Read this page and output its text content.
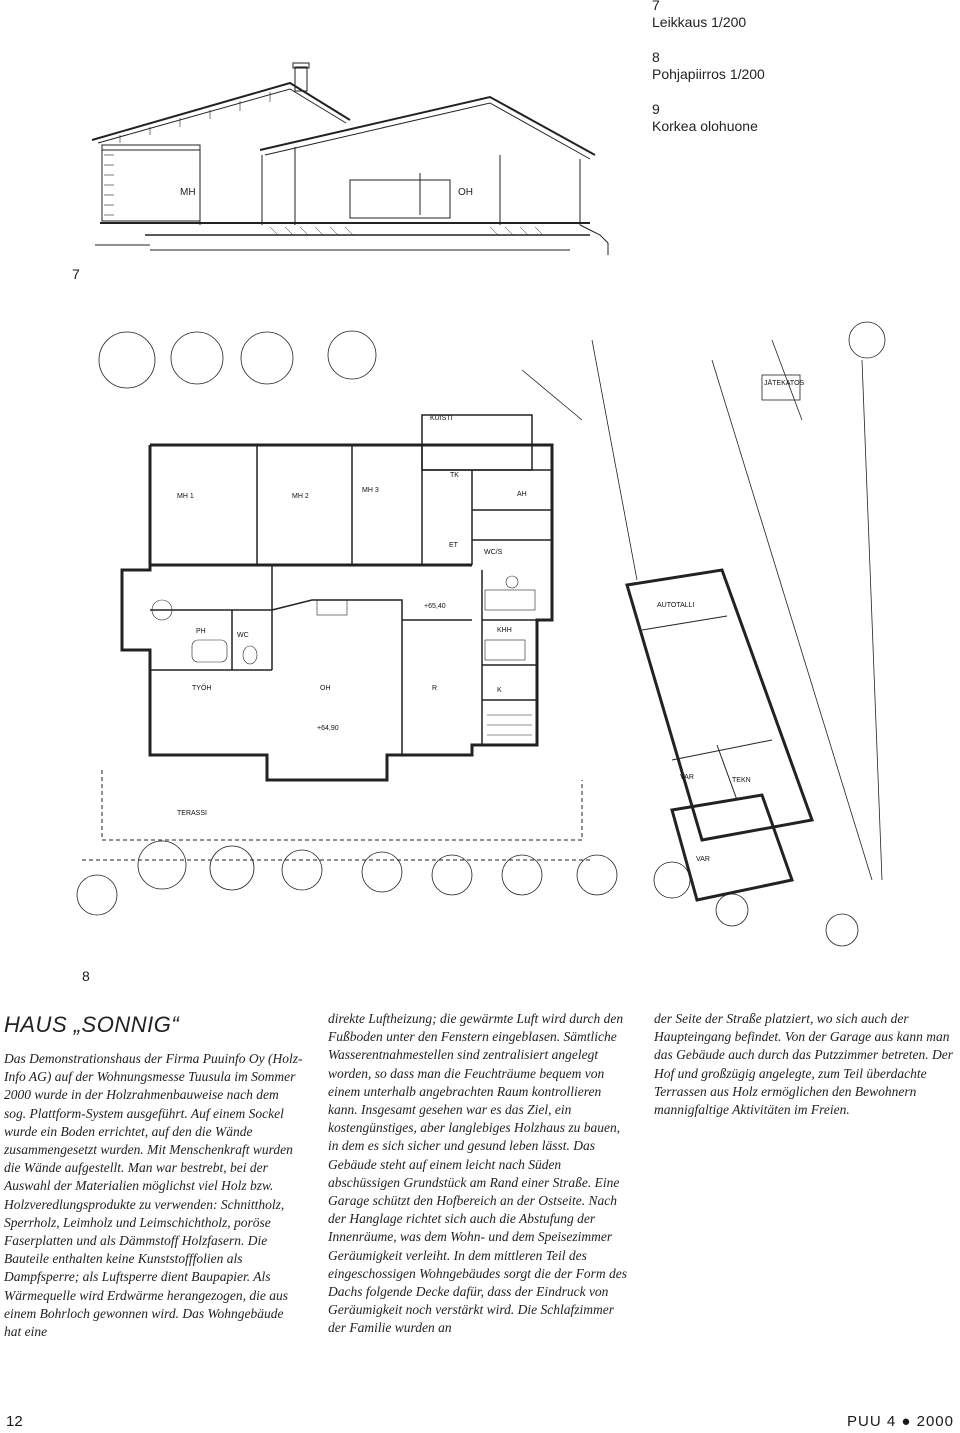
7
Leikkaus 1/200
8
Pohjapiirros 1/200
9
Korkea olohuone
MH	OH
7
KUISTI
JÄTEKATOS
MH 1	MH 2
MH 3
TK
AH
ET
WC/S
PH
WC
KHH
TYÖH	OH	R	K
+65,40
+64,90
TERASSI
AUTOTALLI
VAR	TEKN
VAR
8
HAUS „SONNIG“

Das Demonstrationshaus der Firma Puuinfo Oy (Holz-Info AG) auf der Wohnungsmesse Tuusula im Sommer 2000 wurde in der Holzrahmenbauweise nach dem sog. Plattform-System ausgeführt. Auf einem Sockel wurde ein Boden errichtet, auf den die Wände zusammengesetzt wurden. Mit Menschenkraft wurden die Wände aufgestellt. Man war bestrebt, bei der Auswahl der Materialien möglichst viel Holz bzw. Holzveredlungsprodukte zu verwenden: Schnittholz, Sperrholz, Leimholz und Leimschichtholz, poröse Faserplatten und als Dämmstoff Holzfasern. Die Bauteile enthalten keine Kunststofffolien als Dampfsperre; als Luftsperre dient Baupapier. Als Wärmequelle wird Erdwärme herangezogen, die aus einem Bohrloch gewonnen wird. Das Wohngebäude hat eine

direkte Luftheizung; die gewärmte Luft wird durch den Fußboden unter den Fenstern eingeblasen. Sämtliche Wasserentnahmestellen sind zentralisiert angelegt worden, so dass man die Feuchträume bequem von einem unterhalb angebrachten Raum kontrollieren kann. Insgesamt gesehen war es das Ziel, ein kostengünstiges, aber langlebiges Holzhaus zu bauen, in dem es sich sicher und gesund leben lässt. Das Gebäude steht auf einem leicht nach Süden abschüssigen Grundstück am Rand einer Straße. Eine Garage schützt den Hofbereich an der Ostseite. Nach der Hanglage richtet sich auch die Abstufung der Innenräume, was dem Wohn- und dem Speisezimmer Geräumigkeit verleiht. In dem mittleren Teil des eingeschossigen Wohngebäudes sorgt die der Form des Dachs folgende Decke dafür, dass der Eindruck von Geräumigkeit noch verstärkt wird. Die Schlafzimmer der Familie wurden an

der Seite der Straße platziert, wo sich auch der Haupteingang befindet. Von der Garage aus kann man das Gebäude auch durch das Putzzimmer betreten. Der Hof und großzügig angelegte, zum Teil überdachte Terrassen aus Holz ermöglichen den Bewohnern mannigfaltige Aktivitäten im Freien.

12	PUU 4 ● 2000
